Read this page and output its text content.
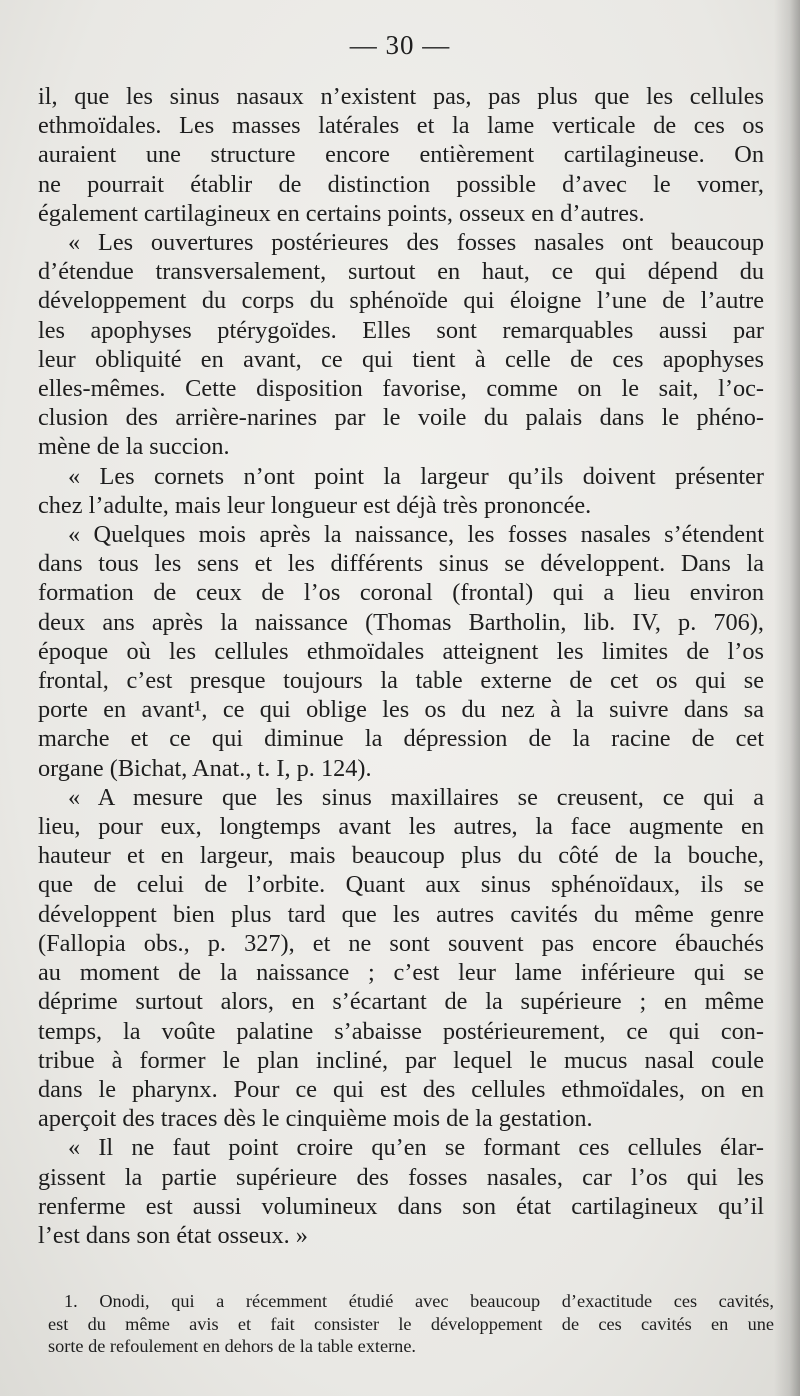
— 30 —
il, que les sinus nasaux n’existent pas, pas plus que les cellules
ethmoïdales. Les masses latérales et la lame verticale de ces os
auraient une structure encore entièrement cartilagineuse. On
ne pourrait établir de distinction possible d’avec le vomer,
également cartilagineux en certains points, osseux en d’autres.
« Les ouvertures postérieures des fosses nasales ont beaucoup
d’étendue transversalement, surtout en haut, ce qui dépend du
développement du corps du sphénoïde qui éloigne l’une de l’autre
les apophyses ptérygoïdes. Elles sont remarquables aussi par
leur obliquité en avant, ce qui tient à celle de ces apophyses
elles-mêmes. Cette disposition favorise, comme on le sait, l’oc-
clusion des arrière-narines par le voile du palais dans le phéno-
mène de la succion.
« Les cornets n’ont point la largeur qu’ils doivent présenter
chez l’adulte, mais leur longueur est déjà très prononcée.
« Quelques mois après la naissance, les fosses nasales s’étendent
dans tous les sens et les différents sinus se développent. Dans la
formation de ceux de l’os coronal (frontal) qui a lieu environ
deux ans après la naissance (Thomas Bartholin, lib. IV, p. 706),
époque où les cellules ethmoïdales atteignent les limites de l’os
frontal, c’est presque toujours la table externe de cet os qui se
porte en avant¹, ce qui oblige les os du nez à la suivre dans sa
marche et ce qui diminue la dépression de la racine de cet
organe (Bichat, Anat., t. I, p. 124).
« A mesure que les sinus maxillaires se creusent, ce qui a
lieu, pour eux, longtemps avant les autres, la face augmente en
hauteur et en largeur, mais beaucoup plus du côté de la bouche,
que de celui de l’orbite. Quant aux sinus sphénoïdaux, ils se
développent bien plus tard que les autres cavités du même genre
(Fallopia obs., p. 327), et ne sont souvent pas encore ébauchés
au moment de la naissance ; c’est leur lame inférieure qui se
déprime surtout alors, en s’écartant de la supérieure ; en même
temps, la voûte palatine s’abaisse postérieurement, ce qui con-
tribue à former le plan incliné, par lequel le mucus nasal coule
dans le pharynx. Pour ce qui est des cellules ethmoïdales, on en
aperçoit des traces dès le cinquième mois de la gestation.
« Il ne faut point croire qu’en se formant ces cellules élar-
gissent la partie supérieure des fosses nasales, car l’os qui les
renferme est aussi volumineux dans son état cartilagineux qu’il
l’est dans son état osseux. »
1. Onodi, qui a récemment étudié avec beaucoup d’exactitude ces cavités,
est du même avis et fait consister le développement de ces cavités en une
sorte de refoulement en dehors de la table externe.
